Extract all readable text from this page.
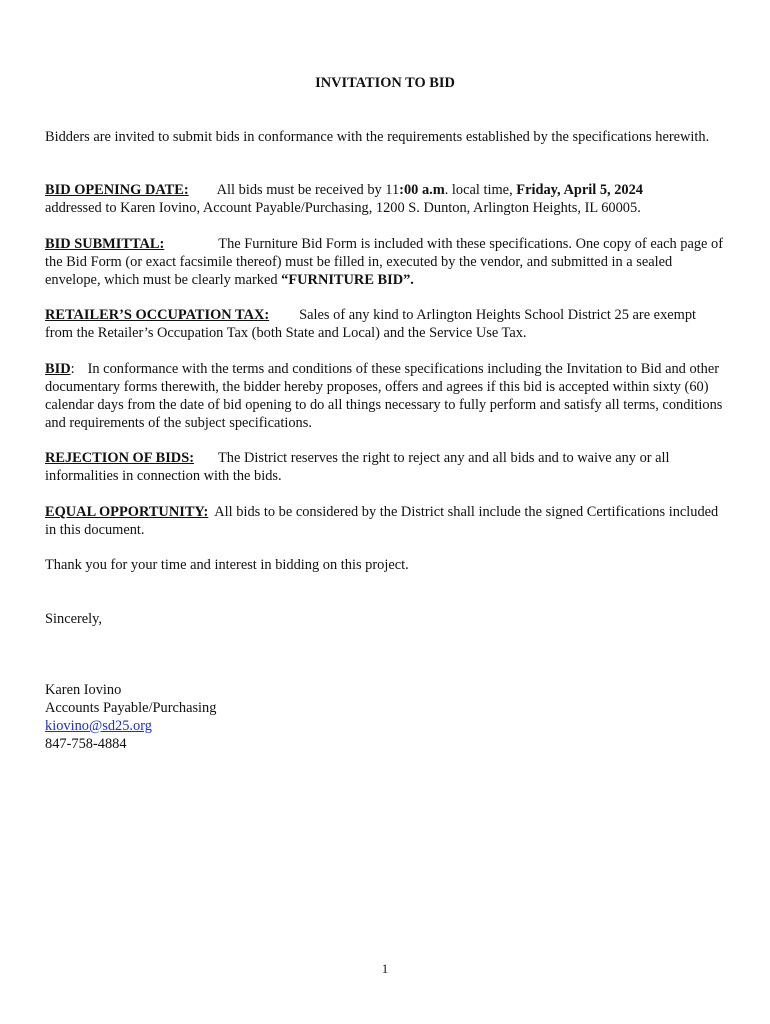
INVITATION TO BID

Bidders are invited to submit bids in conformance with the requirements established by the specifications herewith.

BID OPENING DATE: All bids must be received by 11:00 a.m. local time, Friday, April 5, 2024
addressed to Karen Iovino, Account Payable/Purchasing, 1200 S. Dunton, Arlington Heights, IL 60005.

BID SUBMITTAL:	The Furniture Bid Form is included with these specifications. One copy of each page of the Bid Form (or exact facsimile thereof) must be filled in, executed by the vendor, and submitted in a sealed envelope, which must be clearly marked “FURNITURE BID”.

RETAILER’S OCCUPATION TAX: Sales of any kind to Arlington Heights School District 25 are exempt from the Retailer’s Occupation Tax (both State and Local) and the Service Use Tax.

BID: In conformance with the terms and conditions of these specifications including the Invitation to Bid and other documentary forms therewith, the bidder hereby proposes, offers and agrees if this bid is accepted within sixty (60) calendar days from the date of bid opening to do all things necessary to fully perform and satisfy all terms, conditions and requirements of the subject specifications.

REJECTION OF BIDS: The District reserves the right to reject any and all bids and to waive any or all informalities in connection with the bids.

EQUAL OPPORTUNITY: All bids to be considered by the District shall include the signed Certifications included in this document.

Thank you for your time and interest in bidding on this project.

Sincerely,

Karen Iovino
Accounts Payable/Purchasing
kiovino@sd25.org
847-758-4884
1
